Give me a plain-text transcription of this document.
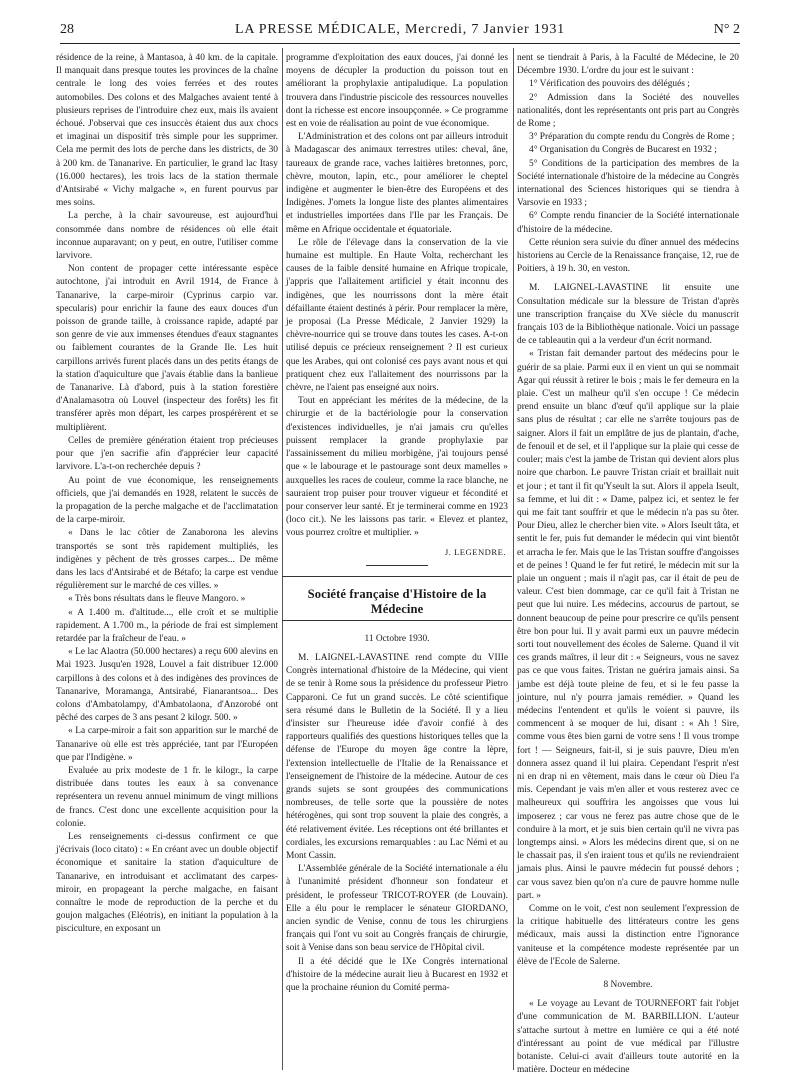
28	LA PRESSE MÉDICALE, Mercredi, 7 Janvier 1931	N° 2

résidence de la reine, à Mantasoa, à 40 km. de la capitale. Il manquait dans presque toutes les provinces de la chaîne centrale le long des voies ferrées et des routes automobiles. Des colons et des Malgaches avaient tenté à plusieurs reprises de l'introduire chez eux, mais ils avaient échoué. J'observai que ces insuccès étaient dus aux chocs et imaginai un dispositif très simple pour les supprimer. Cela me permit des lots de perche dans les districts, de 30 à 200 km. de Tananarive. En particulier, le grand lac Itasy (16.000 hectares), les trois lacs de la station thermale d'Antsirabé « Vichy malgache », en furent pourvus par mes soins.

La perche, à la chair savoureuse, est aujourd'hui consommée dans nombre de résidences où elle était inconnue auparavant; on y peut, en outre, l'utiliser comme larvivore.

Non content de propager cette intéressante espèce autochtone, j'ai introduit en Avril 1914, de France à Tananarive, la carpe-miroir (Cyprinus carpio var. specularis) pour enrichir la faune des eaux douces d'un poisson de grande taille, à croissance rapide, adapté par son genre de vie aux immenses étendues d'eaux stagnantes ou faiblement courantes de la Grande Ile. Les huit carpillons arrivés furent placés dans un des petits étangs de la station d'aquiculture que j'avais établie dans la banlieue de Tananarive. Là d'abord, puis à la station forestière d'Analamasotra où Louvel (inspecteur des forêts) les fit transférer après mon départ, les carpes prospérèrent et se multiplièrent.

Celles de première génération étaient trop précieuses pour que j'en sacrifie afin d'apprécier leur capacité larvivore. L'a-t-on recherchée depuis ?

Au point de vue économique, les renseignements officiels, que j'ai demandés en 1928, relatent le succès de la propagation de la perche malgache et de l'acclimatation de la carpe-miroir.

« Dans le lac côtier de Zanaborona les alevins transportés se sont très rapidement multipliés, les indigènes y pêchent de très grosses carpes... De même dans les lacs d'Antsirabé et de Bétafo; la carpe est vendue régulièrement sur le marché de ces villes. »

« Très bons résultats dans le fleuve Mangoro. »

« A 1.400 m. d'altitude..., elle croît et se multiplie rapidement. A 1.700 m., la période de frai est simplement retardée par la fraîcheur de l'eau. »

« Le lac Alaotra (50.000 hectares) a reçu 600 alevins en Mai 1923. Jusqu'en 1928, Louvel a fait distribuer 12.000 carpillons à des colons et à des indigènes des provinces de Tananarive, Moramanga, Antsirabé, Fianarantsoa... Des colons d'Ambatolampy, d'Ambatolaona, d'Anzorobé ont pêché des carpes de 3 ans pesant 2 kilogr. 500. »

« La carpe-miroir a fait son apparition sur le marché de Tananarive où elle est très appréciée, tant par l'Européen que par l'Indigène. »

Evaluée au prix modeste de 1 fr. le kilogr., la carpe distribuée dans toutes les eaux à sa convenance représentera un revenu annuel minimum de vingt millions de francs. C'est donc une excellente acquisition pour la colonie.

Les renseignements ci-dessus confirment ce que j'écrivais (loco citato) : « En créant avec un double objectif économique et sanitaire la station d'aquiculture de Tananarive, en introduisant et acclimatant des carpes-miroir, en propageant la perche malgache, en faisant connaître le mode de reproduction de la perche et du goujon malgaches (Eléotris), en initiant la population à la pisciculture, en exposant un

programme d'exploitation des eaux douces, j'ai donné les moyens de décupler la production du poisson tout en améliorant la prophylaxie antipaludique. La population trouvera dans l'industrie piscicole des ressources nouvelles dont la richesse est encore insoupçonnée. » Ce programme est en voie de réalisation au point de vue économique.

L'Administration et des colons ont par ailleurs introduit à Madagascar des animaux terrestres utiles: cheval, âne, taureaux de grande race, vaches laitières bretonnes, porc, chèvre, mouton, lapin, etc., pour améliorer le cheptel indigène et augmenter le bien-être des Européens et des Indigènes. J'omets la longue liste des plantes alimentaires et industrielles importées dans l'Ile par les Français. De même en Afrique occidentale et équatoriale.

Le rôle de l'élevage dans la conservation de la vie humaine est multiple. En Haute Volta, recherchant les causes de la faible densité humaine en Afrique tropicale, j'appris que l'allaitement artificiel y était inconnu des indigènes, que les nourrissons dont la mère était défaillante étaient destinés à périr. Pour remplacer la mère, je proposai (La Presse Médicale, 2 Janvier 1929) la chèvre-nourrice qui se trouve dans toutes les cases. A-t-on utilisé depuis ce précieux renseignement ? Il est curieux que les Arabes, qui ont colonisé ces pays avant nous et qui pratiquent chez eux l'allaitement des nourrissons par la chèvre, ne l'aient pas enseigné aux noirs.

Tout en appréciant les mérites de la médecine, de la chirurgie et de la bactériologie pour la conservation d'existences individuelles, je n'ai jamais cru qu'elles puissent remplacer la grande prophylaxie par l'assainissement du milieu morbigène, j'ai toujours pensé que « le labourage et le pastourage sont deux mamelles » auxquelles les races de couleur, comme la race blanche, ne sauraient trop puiser pour trouver vigueur et fécondité et pour conserver leur santé. Et je terminerai comme en 1923 (loco cit.). Ne les laissons pas tarir. « Elevez et plantez, vous pourrez croître et multiplier. »

J. LEGENDRE.
Société française d'Histoire de la Médecine
11 Octobre 1930.

M. LAIGNEL-LAVASTINE rend compte du VIIIe Congrès international d'histoire de la Médecine, qui vient de se tenir à Rome sous la présidence du professeur Pietro Capparoni. Ce fut un grand succès. Le côté scientifique sera résumé dans le Bulletin de la Société. Il y a lieu d'insister sur l'heureuse idée d'avoir confié à des rapporteurs qualifiés des questions historiques telles que la défense de l'Europe du moyen âge contre la lèpre, l'extension intellectuelle de l'Italie de la Renaissance et l'enseignement de l'histoire de la médecine. Autour de ces grands sujets se sont groupées des communications nombreuses, de telle sorte que la poussière de notes hétérogènes, qui sont trop souvent la plaie des congrès, a été relativement évitée. Les réceptions ont été brillantes et cordiales, les excursions remarquables : au Lac Némi et au Mont Cassin.

L'Assemblée générale de la Société internationale a élu à l'unanimité président d'honneur son fondateur et président, le professeur TRICOT-ROYER (de Louvain). Elle a élu pour le remplacer le sénateur GIORDANO, ancien syndic de Venise, connu de tous les chirurgiens français qui l'ont vu soit au Congrès français de chirurgie, soit à Venise dans son beau service de l'Hôpital civil.

Il a été décidé que le IXe Congrès international d'histoire de la médecine aurait lieu à Bucarest en 1932 et que la prochaine réunion du Comité perma-

nent se tiendrait à Paris, à la Faculté de Médecine, le 20 Décembre 1930. L'ordre du jour est le suivant :

1° Vérification des pouvoirs des délégués ;

2° Admission dans la Société des nouvelles nationalités, dont les représentants ont pris part au Congrès de Rome ;

3° Préparation du compte rendu du Congrès de Rome ;

4° Organisation du Congrès de Bucarest en 1932 ;

5° Conditions de la participation des membres de la Société internationale d'histoire de la médecine au Congrès international des Sciences historiques qui se tiendra à Varsovie en 1933 ;

6° Compte rendu financier de la Société internationale d'histoire de la médecine.

Cette réunion sera suivie du dîner annuel des médecins historiens au Cercle de la Renaissance française, 12, rue de Poitiers, à 19 h. 30, en veston.

M. LAIGNEL-LAVASTINE lit ensuite une Consultation médicale sur la blessure de Tristan d'après une transcription française du XVe siècle du manuscrit français 103 de la Bibliothèque nationale. Voici un passage de ce tableautin qui a la verdeur d'un écrit normand.

« Tristan fait demander partout des médecins pour le guérir de sa plaie. Parmi eux il en vient un qui se nommait Agar qui réussit à retirer le bois ; mais le fer demeura en la plaie. C'est un malheur qu'il s'en occupe ! Ce médecin prend ensuite un blanc d'œuf qu'il applique sur la plaie sans plus de résultat ; car elle ne s'arrête toujours pas de saigner. Alors il fait un emplâtre de jus de plantain, d'ache, de fenouil et de sel, et il l'applique sur la plaie qui cesse de couler; mais c'est la jambe de Tristan qui devient alors plus noire que charbon. Le pauvre Tristan criait et braillait nuit et jour ; et tant il fit qu'Yseult la sut. Alors il appela Iseult, sa femme, et lui dit : « Dame, palpez ici, et sentez le fer qui me fait tant souffrir et que le médecin n'a pas su ôter. Pour Dieu, allez le chercher bien vite. » Alors Iseult tâta, et sentit le fer, puis fut demander le médecin qui vint bientôt et arracha le fer. Mais que le las Tristan souffre d'angoisses et de peines ! Quand le fer fut retiré, le médecin mit sur la plaie un onguent ; mais il n'agit pas, car il était de peu de valeur. C'est bien dommage, car ce qu'il fait à Tristan ne peut que lui nuire. Les médecins, accourus de partout, se donnent beaucoup de peine pour prescrire ce qu'ils pensent être bon pour lui. Il y avait parmi eux un pauvre médecin sorti tout nouvellement des écoles de Salerne. Quand il vit ces grands maîtres, il leur dit : « Seigneurs, vous ne savez pas ce que vous faites. Tristan ne guérira jamais ainsi. Sa jambe est déjà toute pleine de feu, et si le feu passe la jointure, nul n'y pourra jamais remédier. » Quand les médecins l'entendent et qu'ils le voient si pauvre, ils commencent à se moquer de lui, disant : « Ah ! Sire, comme vous êtes bien garni de votre sens ! Il vous trompe fort ! — Seigneurs, fait-il, si je suis pauvre, Dieu m'en donnera assez quand il lui plaira. Cependant l'esprit n'est ni en drap ni en vêtement, mais dans le cœur où Dieu l'a mis. Cependant je vais m'en aller et vous resterez avec ce malheureux qui souffrira les angoisses que vous lui imposerez ; car vous ne ferez pas autre chose que de le conduire à la mort, et je suis bien certain qu'il ne vivra pas longtemps ainsi. » Alors les médecins dirent que, si on ne le chassait pas, il s'en iraient tous et qu'ils ne reviendraient jamais plus. Ainsi le pauvre médecin fut poussé dehors ; car vous savez bien qu'on n'a cure de pauvre homme nulle part. »

Comme on le voit, c'est non seulement l'expression de la critique habituelle des littérateurs contre les gens médicaux, mais aussi la distinction entre l'ignorance vaniteuse et la compétence modeste représentée par un élève de l'Ecole de Salerne.

8 Novembre.

« Le voyage au Levant de TOURNEFORT fait l'objet d'une communication de M. BARBILLION. L'auteur s'attache surtout à mettre en lumière ce qui a été noté d'intéressant au point de vue médical par l'illustre botaniste. Celui-ci avait d'ailleurs toute autorité en la matière. Docteur en médecine
